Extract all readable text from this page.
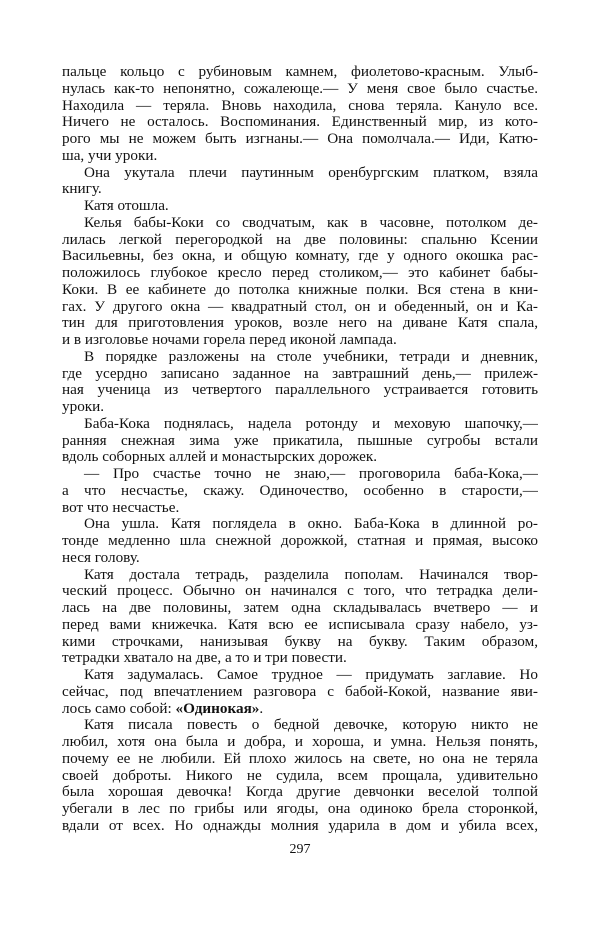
пальце кольцо с рубиновым камнем, фиолетово-красным. Улыб-
нулась как-то непонятно, сожалеюще.— У меня свое было счастье.
Находила — теряла. Вновь находила, снова теряла. Кануло все.
Ничего не осталось. Воспоминания. Единственный мир, из кото-
рого мы не можем быть изгнаны.— Она помолчала.— Иди, Катю-
ша, учи уроки.
Она укутала плечи паутинным оренбургским платком, взяла
книгу.
Катя отошла.
Келья бабы-Коки со сводчатым, как в часовне, потолком де-
лилась легкой перегородкой на две половины: спальню Ксении
Васильевны, без окна, и общую комнату, где у одного окошка рас-
положилось глубокое кресло перед столиком,— это кабинет бабы-
Коки. В ее кабинете до потолка книжные полки. Вся стена в кни-
гах. У другого окна — квадратный стол, он и обеденный, он и Ка-
тин для приготовления уроков, возле него на диване Катя спала,
и в изголовье ночами горела перед иконой лампада.
В порядке разложены на столе учебники, тетради и дневник,
где усердно записано заданное на завтрашний день,— прилеж-
ная ученица из четвертого параллельного устраивается готовить
уроки.
Баба-Кока поднялась, надела ротонду и меховую шапочку,—
ранняя снежная зима уже прикатила, пышные сугробы встали
вдоль соборных аллей и монастырских дорожек.
— Про счастье точно не знаю,— проговорила баба-Кока,—
а что несчастье, скажу. Одиночество, особенно в старости,—
вот что несчастье.
Она ушла. Катя поглядела в окно. Баба-Кока в длинной ро-
тонде медленно шла снежной дорожкой, статная и прямая, высоко
неся голову.
Катя достала тетрадь, разделила пополам. Начинался твор-
ческий процесс. Обычно он начинался с того, что тетрадка дели-
лась на две половины, затем одна складывалась вчетверо — и
перед вами книжечка. Катя всю ее исписывала сразу набело, уз-
кими строчками, нанизывая букву на букву. Таким образом,
тетрадки хватало на две, а то и три повести.
Катя задумалась. Самое трудное — придумать заглавие. Но
сейчас, под впечатлением разговора с бабой-Кокой, название яви-
лось само собой: «Одинокая».
Катя писала повесть о бедной девочке, которую никто не
любил, хотя она была и добра, и хороша, и умна. Нельзя понять,
почему ее не любили. Ей плохо жилось на свете, но она не теряла
своей доброты. Никого не судила, всем прощала, удивительно
была хорошая девочка! Когда другие девчонки веселой толпой
убегали в лес по грибы или ягоды, она одиноко брела сторонкой,
вдали от всех. Но однажды молния ударила в дом и убила всех,
297
